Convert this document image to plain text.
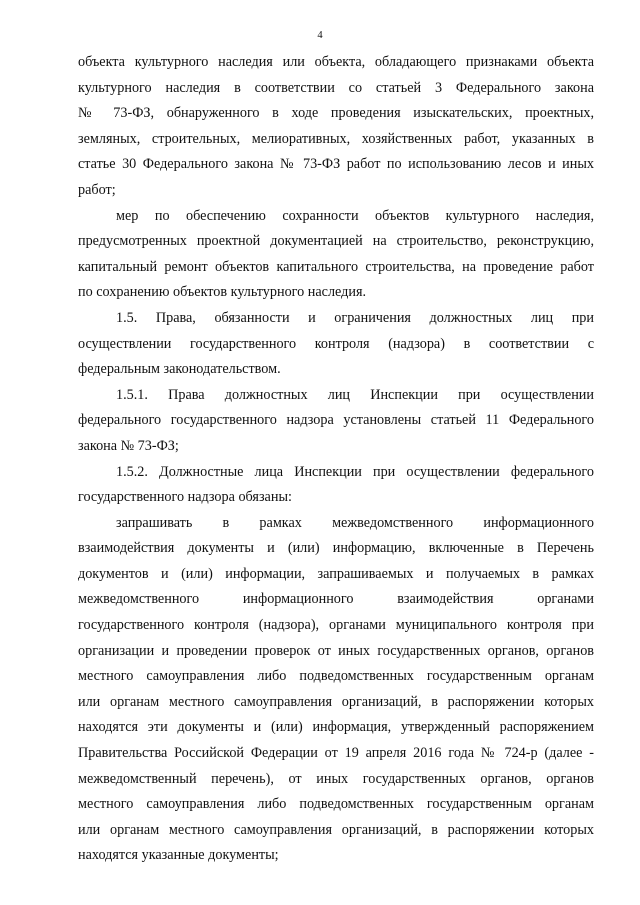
4
объекта культурного наследия или объекта, обладающего признаками объекта
культурного наследия в соответствии со статьей 3 Федерального закона
№ 73-ФЗ, обнаруженного в ходе проведения изыскательских, проектных,
земляных, строительных, мелиоративных, хозяйственных работ, указанных в
статье 30 Федерального закона № 73-ФЗ работ по использованию лесов и иных
работ;
мер по обеспечению сохранности объектов культурного наследия,
предусмотренных проектной документацией на строительство, реконструкцию,
капитальный ремонт объектов капитального строительства, на проведение работ
по сохранению объектов культурного наследия.
1.5. Права, обязанности и ограничения должностных лиц при
осуществлении государственного контроля (надзора) в соответствии с
федеральным законодательством.
1.5.1. Права должностных лиц Инспекции при осуществлении
федерального государственного надзора установлены статьей 11 Федерального
закона № 73-ФЗ;
1.5.2. Должностные лица Инспекции при осуществлении федерального
государственного надзора обязаны:
запрашивать в рамках межведомственного информационного
взаимодействия документы и (или) информацию, включенные в Перечень
документов и (или) информации, запрашиваемых и получаемых в рамках
межведомственного информационного взаимодействия органами
государственного контроля (надзора), органами муниципального контроля при
организации и проведении проверок от иных государственных органов, органов
местного самоуправления либо подведомственных государственным органам
или органам местного самоуправления организаций, в распоряжении которых
находятся эти документы и (или) информация, утвержденный распоряжением
Правительства Российской Федерации от 19 апреля 2016 года № 724-р (далее -
межведомственный перечень), от иных государственных органов, органов
местного самоуправления либо подведомственных государственным органам
или органам местного самоуправления организаций, в распоряжении которых
находятся указанные документы;
